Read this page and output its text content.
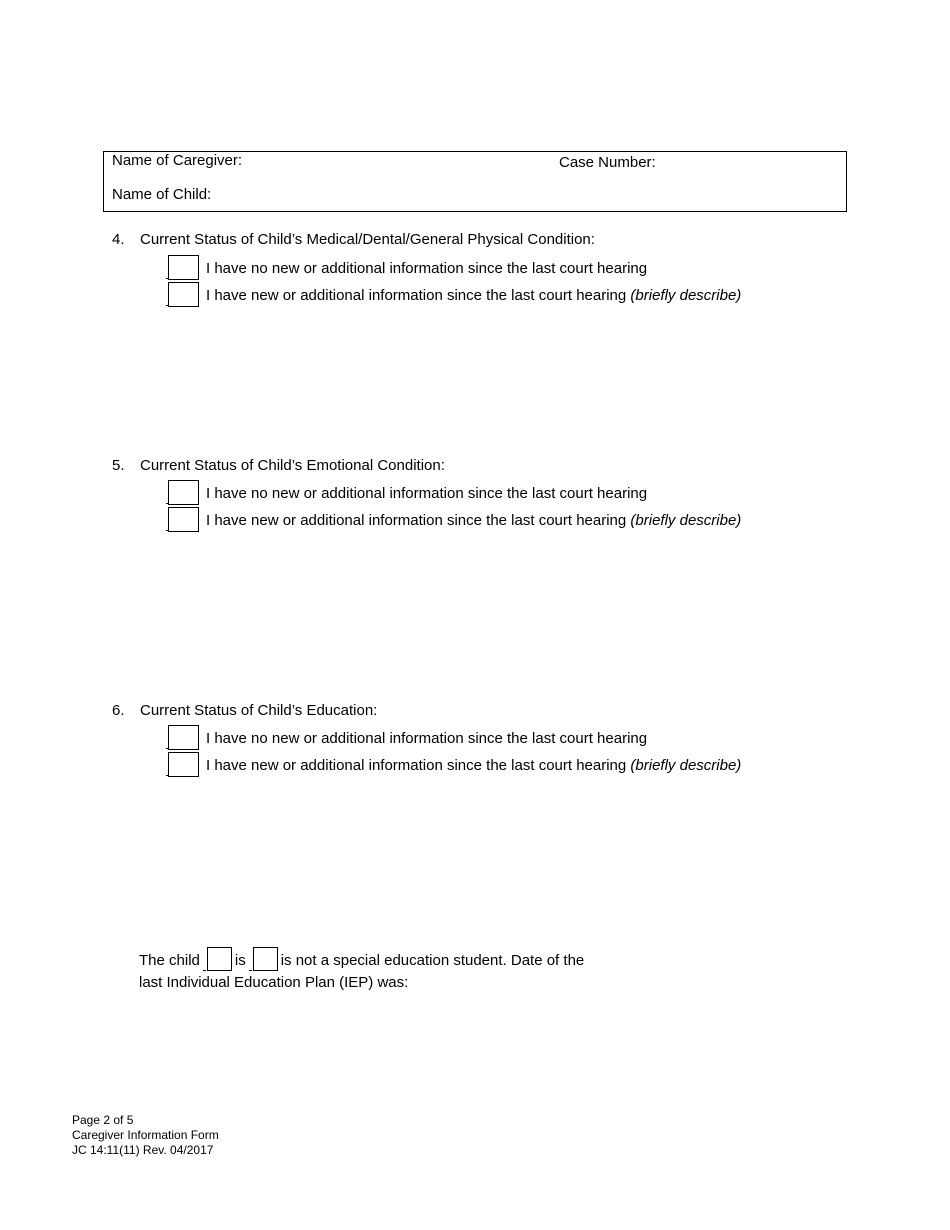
Name of Caregiver:	Case Number:
Name of Child:
4. Current Status of Child’s Medical/Dental/General Physical Condition:
I have no new or additional information since the last court hearing
I have new or additional information since the last court hearing (briefly describe)
5. Current Status of Child’s Emotional Condition:
I have no new or additional information since the last court hearing
I have new or additional information since the last court hearing (briefly describe)
6. Current Status of Child’s Education:
I have no new or additional information since the last court hearing
I have new or additional information since the last court hearing (briefly describe)
The child is is not a special education student. Date of the
last Individual Education Plan (IEP) was:
Page 2 of 5
Caregiver Information Form
JC 14:11(11) Rev. 04/2017
